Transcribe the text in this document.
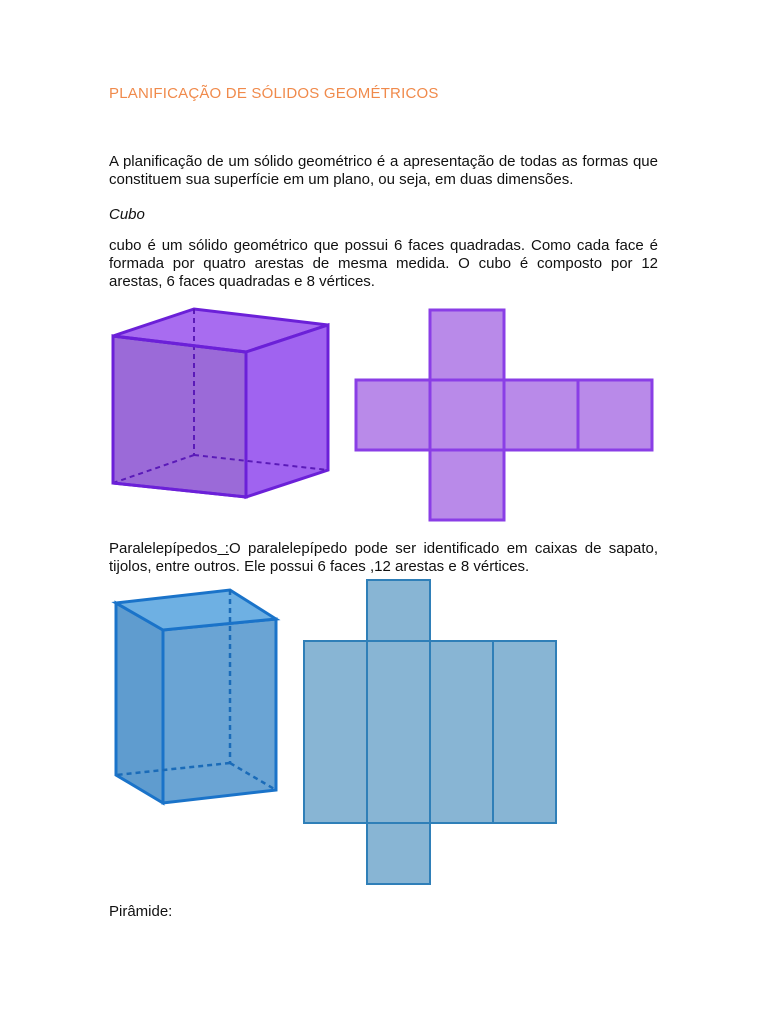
PLANIFICAÇÃO DE SÓLIDOS GEOMÉTRICOS
A planificação de um sólido geométrico é a apresentação de todas as formas que constituem sua superfície em um plano, ou seja, em duas dimensões.
Cubo
cubo é um sólido geométrico que possui 6 faces quadradas. Como cada face é formada por quatro arestas de mesma medida. O cubo é composto por 12 arestas, 6 faces quadradas e 8 vértices.
Paralelepípedos :O paralelepípedo pode ser identificado em caixas de sapato, tijolos, entre outros. Ele possui 6 faces ,12 arestas e 8 vértices.
Pirâmide:
